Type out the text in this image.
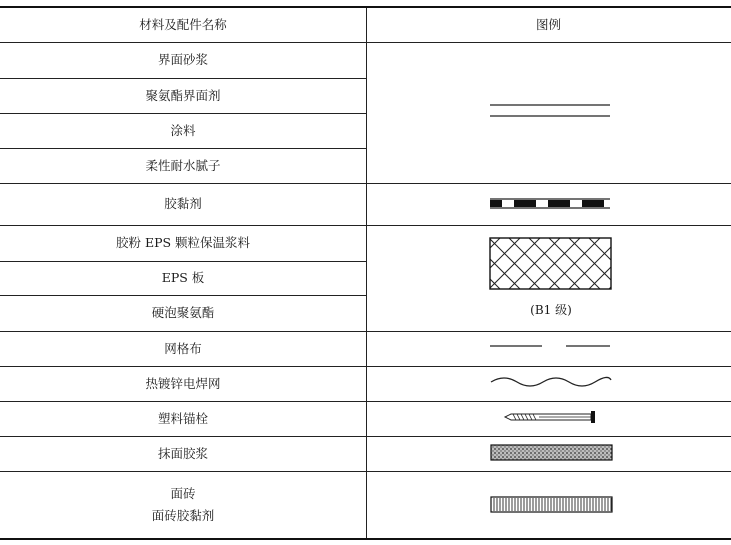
材料及配件名称	图例
界面砂浆
聚氨酯界面剂
涂料
柔性耐水腻子
胶黏剂
胶粉 EPS 颗粒保温浆料
EPS 板
硬泡聚氨酯	(B1 级)
网格布
热镀锌电焊网
塑料锚栓
抹面胶浆
面砖
面砖胶黏剂
